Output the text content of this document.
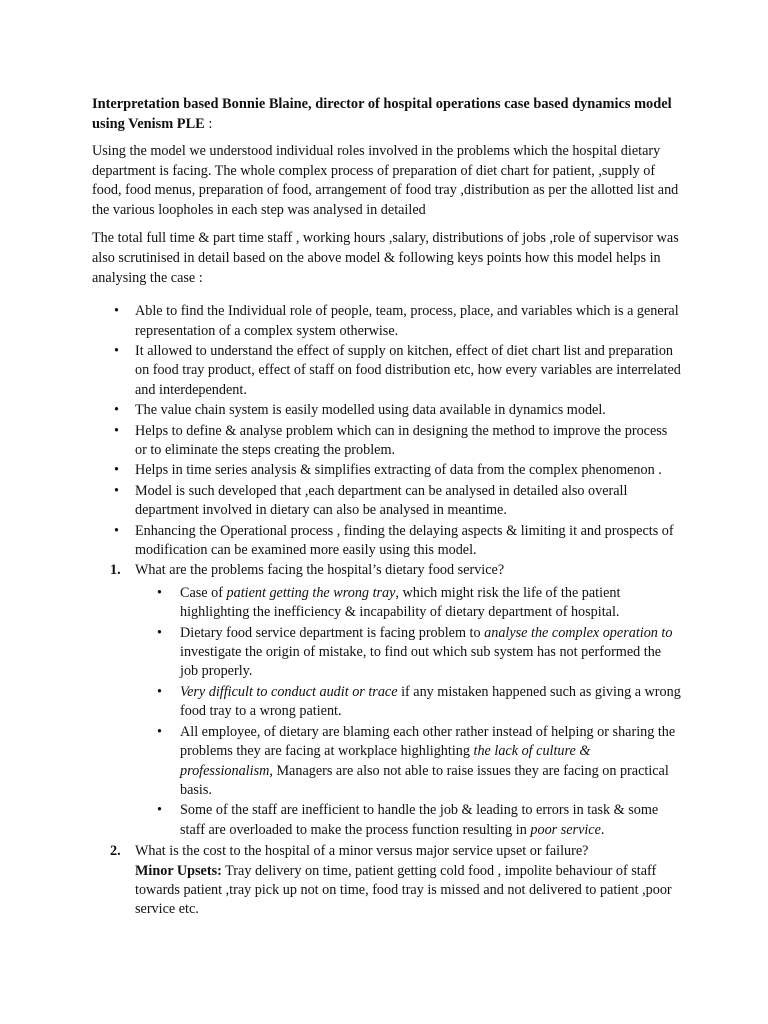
Interpretation based Bonnie Blaine, director of hospital operations case based dynamics model using Venism PLE :

Using the model we understood individual roles involved in the problems which the hospital dietary department is facing. The whole complex process of preparation of diet chart for patient, ,supply of food, food menus, preparation of food, arrangement of food tray ,distribution as per the allotted list and the various loopholes in each step was analysed in detailed

The total full time & part time staff , working hours ,salary, distributions of jobs ,role of supervisor was also scrutinised in detail based on the above model & following keys points how this model helps in analysing the case :

• Able to find the Individual role of people, team, process, place, and variables which is a general representation of a complex system otherwise.
• It allowed to understand the effect of supply on kitchen, effect of diet chart list and preparation on food tray product, effect of staff on food distribution etc, how every variables are interrelated and interdependent.
• The value chain system is easily modelled using data available in dynamics model.
• Helps to define & analyse problem which can in designing the method to improve the process or to eliminate the steps creating the problem.
• Helps in time series analysis & simplifies extracting of data from the complex phenomenon .
• Model is such developed that ,each department can be analysed in detailed also overall department involved in dietary can also be analysed in meantime.
• Enhancing the Operational process , finding the delaying aspects & limiting it and prospects of modification can be examined more easily using this model.
1. What are the problems facing the hospital’s dietary food service?
• Case of patient getting the wrong tray, which might risk the life of the patient highlighting the inefficiency & incapability of dietary department of hospital.
• Dietary food service department is facing problem to analyse the complex operation to investigate the origin of mistake, to find out which sub system has not performed the job properly.
• Very difficult to conduct audit or trace if any mistaken happened such as giving a wrong food tray to a wrong patient.
• All employee, of dietary are blaming each other rather instead of helping or sharing the problems they are facing at workplace highlighting the lack of culture & professionalism, Managers are also not able to raise issues they are facing on practical basis.
• Some of the staff are inefficient to handle the job & leading to errors in task & some staff are overloaded to make the process function resulting in poor service.
2. What is the cost to the hospital of a minor versus major service upset or failure?
Minor Upsets: Tray delivery on time, patient getting cold food , impolite behaviour of staff towards patient ,tray pick up not on time, food tray is missed and not delivered to patient ,poor service etc.
